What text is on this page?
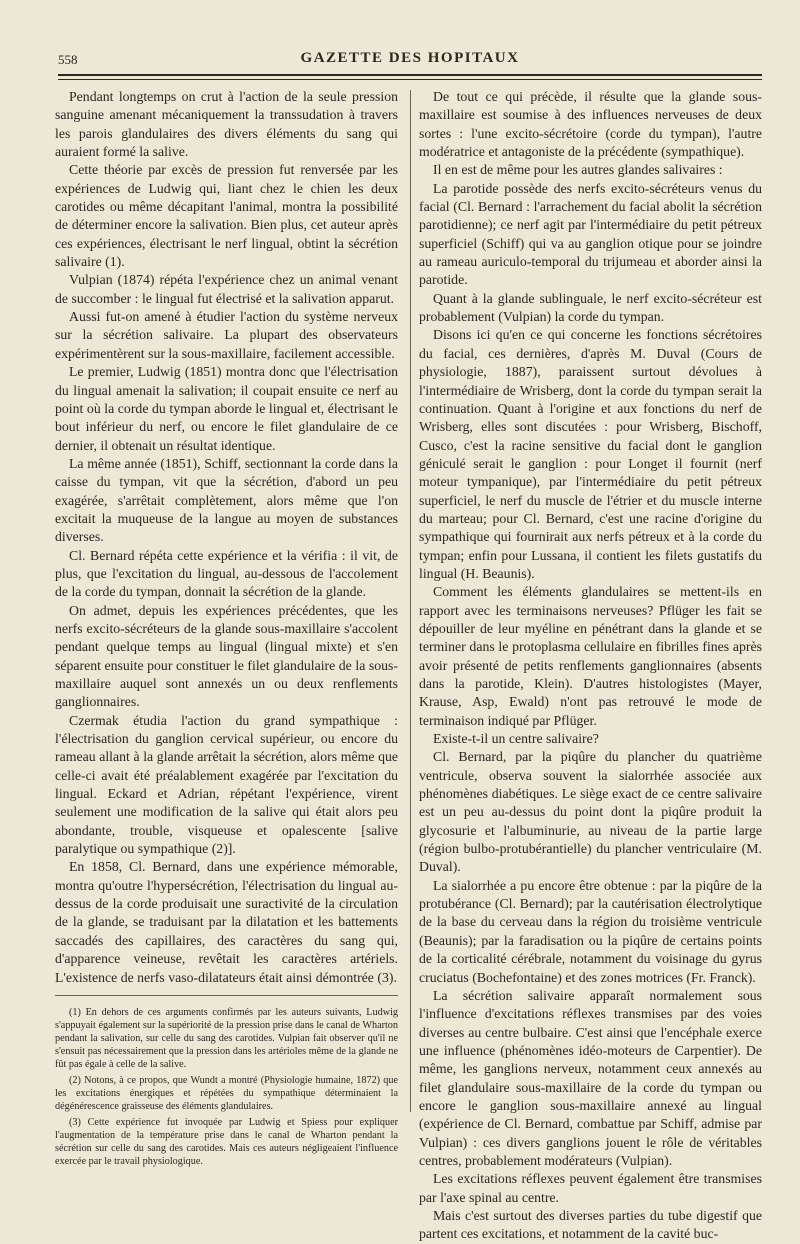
558	GAZETTE DES HOPITAUX

Pendant longtemps on crut à l'action de la seule pression sanguine amenant mécaniquement la transsudation à travers les parois glandulaires des divers éléments du sang qui auraient formé la salive.

Cette théorie par excès de pression fut renversée par les expériences de Ludwig qui, liant chez le chien les deux carotides ou même décapitant l'animal, montra la possibilité de déterminer encore la salivation. Bien plus, cet auteur après ces expériences, électrisant le nerf lingual, obtint la sécrétion salivaire (1).

Vulpian (1874) répéta l'expérience chez un animal venant de succomber : le lingual fut électrisé et la salivation apparut.

Aussi fut-on amené à étudier l'action du système nerveux sur la sécrétion salivaire. La plupart des observateurs expérimentèrent sur la sous-maxillaire, facilement accessible.

Le premier, Ludwig (1851) montra donc que l'électrisation du lingual amenait la salivation; il coupait ensuite ce nerf au point où la corde du tympan aborde le lingual et, électrisant le bout inférieur du nerf, ou encore le filet glandulaire de ce dernier, il obtenait un résultat identique.

La même année (1851), Schiff, sectionnant la corde dans la caisse du tympan, vit que la sécrétion, d'abord un peu exagérée, s'arrêtait complètement, alors même que l'on excitait la muqueuse de la langue au moyen de substances diverses.

Cl. Bernard répéta cette expérience et la vérifia : il vit, de plus, que l'excitation du lingual, au-dessous de l'accolement de la corde du tympan, donnait la sécrétion de la glande.

On admet, depuis les expériences précédentes, que les nerfs excito-sécréteurs de la glande sous-maxillaire s'accolent pendant quelque temps au lingual (lingual mixte) et s'en séparent ensuite pour constituer le filet glandulaire de la sous-maxillaire auquel sont annexés un ou deux renflements ganglionnaires.

Czermak étudia l'action du grand sympathique : l'électrisation du ganglion cervical supérieur, ou encore du rameau allant à la glande arrêtait la sécrétion, alors même que celle-ci avait été préalablement exagérée par l'excitation du lingual. Eckard et Adrian, répétant l'expérience, virent seulement une modification de la salive qui était alors peu abondante, trouble, visqueuse et opalescente [salive paralytique ou sympathique (2)].

En 1858, Cl. Bernard, dans une expérience mémorable, montra qu'outre l'hypersécrétion, l'électrisation du lingual au-dessus de la corde produisait une suractivité de la circulation de la glande, se traduisant par la dilatation et les battements saccadés des capillaires, des caractères du sang qui, d'apparence veineuse, revêtait les caractères artériels. L'existence de nerfs vaso-dilatateurs était ainsi démontrée (3).

(1) En dehors de ces arguments confirmés par les auteurs suivants, Ludwig s'appuyait également sur la supériorité de la pression prise dans le canal de Wharton pendant la salivation, sur celle du sang des carotides. Vulpian fait observer qu'il ne s'ensuit pas nécessairement que la pression dans les artérioles même de la glande ne fût pas égale à celle de la salive.

(2) Notons, à ce propos, que Wundt a montré (Physiologie humaine, 1872) que les excitations énergiques et répétées du sympathique déterminaient la dégénérescence graisseuse des éléments glandulaires.

(3) Cette expérience fut invoquée par Ludwig et Spiess pour expliquer l'augmentation de la température prise dans le canal de Wharton pendant la sécrétion sur celle du sang des carotides. Mais ces auteurs négligeaient l'influence exercée par le travail physiologique.

De tout ce qui précède, il résulte que la glande sous-maxillaire est soumise à des influences nerveuses de deux sortes : l'une excito-sécrétoire (corde du tympan), l'autre modératrice et antagoniste de la précédente (sympathique).

Il en est de même pour les autres glandes salivaires :

La parotide possède des nerfs excito-sécréteurs venus du facial (Cl. Bernard : l'arrachement du facial abolit la sécrétion parotidienne); ce nerf agit par l'intermédiaire du petit pétreux superficiel (Schiff) qui va au ganglion otique pour se joindre au rameau auriculo-temporal du trijumeau et aborder ainsi la parotide.

Quant à la glande sublinguale, le nerf excito-sécréteur est probablement (Vulpian) la corde du tympan.

Disons ici qu'en ce qui concerne les fonctions sécrétoires du facial, ces dernières, d'après M. Duval (Cours de physiologie, 1887), paraissent surtout dévolues à l'intermédiaire de Wrisberg, dont la corde du tympan serait la continuation. Quant à l'origine et aux fonctions du nerf de Wrisberg, elles sont discutées : pour Wrisberg, Bischoff, Cusco, c'est la racine sensitive du facial dont le ganglion géniculé serait le ganglion : pour Longet il fournit (nerf moteur tympanique), par l'intermédiaire du petit pétreux superficiel, le nerf du muscle de l'étrier et du muscle interne du marteau; pour Cl. Bernard, c'est une racine d'origine du sympathique qui fournirait aux nerfs pétreux et à la corde du tympan; enfin pour Lussana, il contient les filets gustatifs du lingual (H. Beaunis).

Comment les éléments glandulaires se mettent-ils en rapport avec les terminaisons nerveuses? Pflüger les fait se dépouiller de leur myéline en pénétrant dans la glande et se terminer dans le protoplasma cellulaire en fibrilles fines après avoir présenté de petits renflements ganglionnaires (absents dans la parotide, Klein). D'autres histologistes (Mayer, Krause, Asp, Ewald) n'ont pas retrouvé le mode de terminaison indiqué par Pflüger.

Existe-t-il un centre salivaire?

Cl. Bernard, par la piqûre du plancher du quatrième ventricule, observa souvent la sialorrhée associée aux phénomènes diabétiques. Le siège exact de ce centre salivaire est un peu au-dessus du point dont la piqûre produit la glycosurie et l'albuminurie, au niveau de la partie large (région bulbo-protubérantielle) du plancher ventriculaire (M. Duval).

La sialorrhée a pu encore être obtenue : par la piqûre de la protubérance (Cl. Bernard); par la cautérisation électrolytique de la base du cerveau dans la région du troisième ventricule (Beaunis); par la faradisation ou la piqûre de certains points de la corticalité cérébrale, notamment du voisinage du gyrus cruciatus (Bochefontaine) et des zones motrices (Fr. Franck).

La sécrétion salivaire apparaît normalement sous l'influence d'excitations réflexes transmises par des voies diverses au centre bulbaire. C'est ainsi que l'encéphale exerce une influence (phénomènes idéo-moteurs de Carpentier). De même, les ganglions nerveux, notamment ceux annexés au filet glandulaire sous-maxillaire de la corde du tympan ou encore le ganglion sous-maxillaire annexé au lingual (expérience de Cl. Bernard, combattue par Schiff, admise par Vulpian) : ces divers ganglions jouent le rôle de véritables centres, probablement modérateurs (Vulpian).

Les excitations réflexes peuvent également être transmises par l'axe spinal au centre.

Mais c'est surtout des diverses parties du tube digestif que partent ces excitations, et notamment de la cavité buc-
